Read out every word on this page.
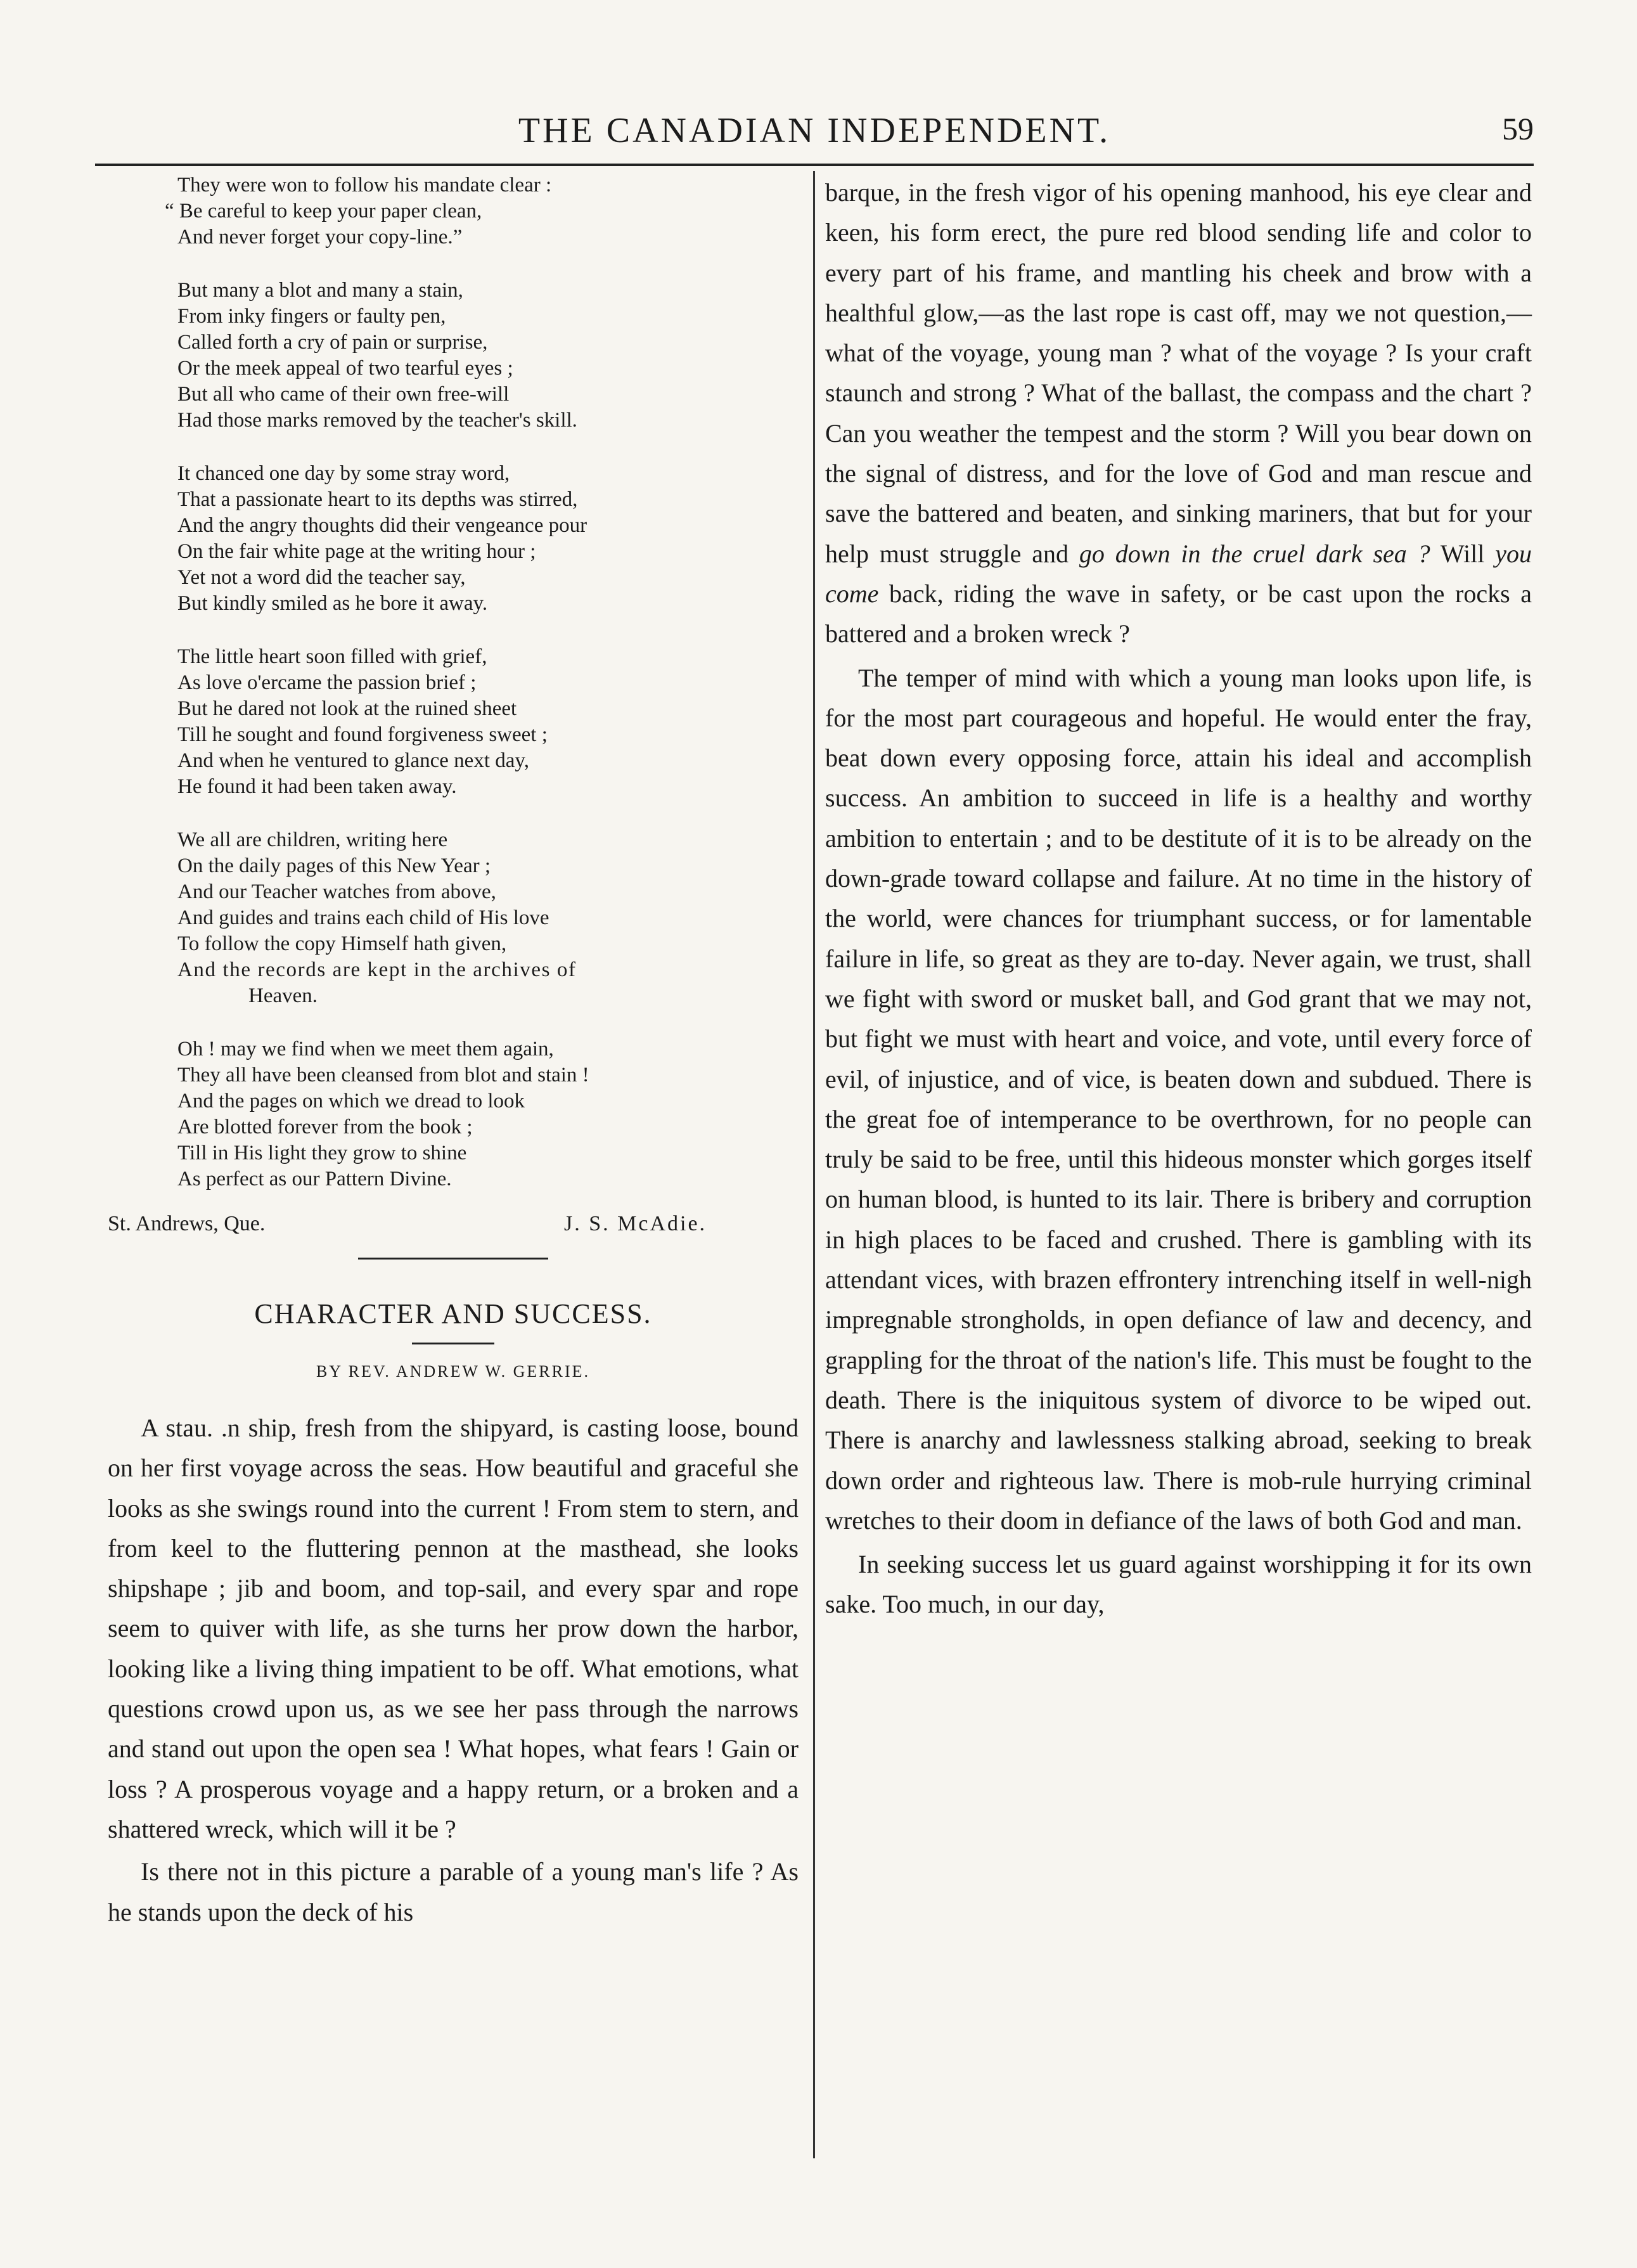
THE CANADIAN INDEPENDENT.	59
They were won to follow his mandate clear :
“ Be careful to keep your paper clean,
And never forget your copy-line.”
But many a blot and many a stain,
From inky fingers or faulty pen,
Called forth a cry of pain or surprise,
Or the meek appeal of two tearful eyes ;
But all who came of their own free-will
Had those marks removed by the teacher's skill.
It chanced one day by some stray word,
That a passionate heart to its depths was stirred,
And the angry thoughts did their vengeance pour
On the fair white page at the writing hour ;
Yet not a word did the teacher say,
But kindly smiled as he bore it away.
The little heart soon filled with grief,
As love o'ercame the passion brief ;
But he dared not look at the ruined sheet
Till he sought and found forgiveness sweet ;
And when he ventured to glance next day,
He found it had been taken away.
We all are children, writing here
On the daily pages of this New Year ;
And our Teacher watches from above,
And guides and trains each child of His love
To follow the copy Himself hath given,
And the records are kept in the archives of
Heaven.
Oh ! may we find when we meet them again,
They all have been cleansed from blot and stain !
And the pages on which we dread to look
Are blotted forever from the book ;
Till in His light they grow to shine
As perfect as our Pattern Divine.
St. Andrews, Que.	J. S. McAdie.
CHARACTER AND SUCCESS.
BY REV. ANDREW W. GERRIE.

A stau. .n ship, fresh from the shipyard, is casting loose, bound on her first voyage across the seas. How beautiful and graceful she looks as she swings round into the current ! From stem to stern, and from keel to the fluttering pennon at the masthead, she looks shipshape ; jib and boom, and top-sail, and every spar and rope seem to quiver with life, as she turns her prow down the harbor, looking like a living thing impatient to be off. What emotions, what questions crowd upon us, as we see her pass through the narrows and stand out upon the open sea ! What hopes, what fears ! Gain or loss ? A prosperous voyage and a happy return, or a broken and a shattered wreck, which will it be ?

Is there not in this picture a parable of a young man's life ? As he stands upon the deck of his

barque, in the fresh vigor of his opening manhood, his eye clear and keen, his form erect, the pure red blood sending life and color to every part of his frame, and mantling his cheek and brow with a healthful glow,—as the last rope is cast off, may we not question,—what of the voyage, young man ? what of the voyage ? Is your craft staunch and strong ? What of the ballast, the compass and the chart ? Can you weather the tempest and the storm ? Will you bear down on the signal of distress, and for the love of God and man rescue and save the battered and beaten, and sinking mariners, that but for your help must struggle and go down in the cruel dark sea ? Will you come back, riding the wave in safety, or be cast upon the rocks a battered and a broken wreck ?

The temper of mind with which a young man looks upon life, is for the most part courageous and hopeful. He would enter the fray, beat down every opposing force, attain his ideal and accomplish success. An ambition to succeed in life is a healthy and worthy ambition to entertain ; and to be destitute of it is to be already on the down-grade toward collapse and failure. At no time in the history of the world, were chances for triumphant success, or for lamentable failure in life, so great as they are to-day. Never again, we trust, shall we fight with sword or musket ball, and God grant that we may not, but fight we must with heart and voice, and vote, until every force of evil, of injustice, and of vice, is beaten down and subdued. There is the great foe of intemperance to be overthrown, for no people can truly be said to be free, until this hideous monster which gorges itself on human blood, is hunted to its lair. There is bribery and corruption in high places to be faced and crushed. There is gambling with its attendant vices, with brazen effrontery intrenching itself in well-nigh impregnable strongholds, in open defiance of law and decency, and grappling for the throat of the nation's life. This must be fought to the death. There is the iniquitous system of divorce to be wiped out. There is anarchy and lawlessness stalking abroad, seeking to break down order and righteous law. There is mob-rule hurrying criminal wretches to their doom in defiance of the laws of both God and man.

In seeking success let us guard against worshipping it for its own sake. Too much, in our day,
